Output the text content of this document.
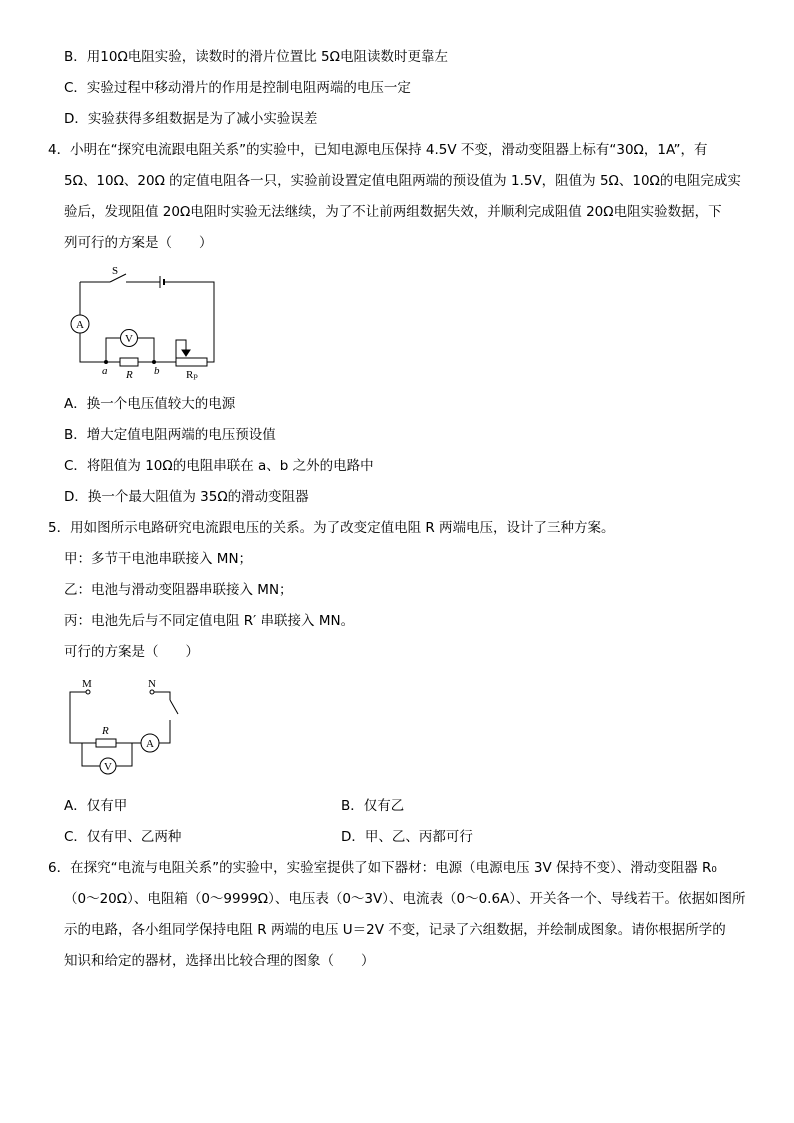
B．用10Ω电阻实验，读数时的滑片位置比 5Ω电阻读数时更靠左
C．实验过程中移动滑片的作用是控制电阻两端的电压一定
D．实验获得多组数据是为了减小实验误差
4．小明在“探究电流跟电阻关系”的实验中，已知电源电压保持 4.5V 不变，滑动变阻器上标有“30Ω，1A”，有
5Ω、10Ω、20Ω 的定值电阻各一只，实验前设置定值电阻两端的预设值为 1.5V，阻值为 5Ω、10Ω的电阻完成实
验后，发现阻值 20Ω电阻时实验无法继续，为了不让前两组数据失效，并顺利完成阻值 20Ω电阻实验数据，下
列可行的方案是（　　）
S
A
V
a R b Rₚ
A．换一个电压值较大的电源
B．增大定值电阻两端的电压预设值
C．将阻值为 10Ω的电阻串联在 a、b 之外的电路中
D．换一个最大阻值为 35Ω的滑动变阻器
5．用如图所示电路研究电流跟电压的关系。为了改变定值电阻 R 两端电压，设计了三种方案。
甲：多节干电池串联接入 MN；
乙：电池与滑动变阻器串联接入 MN；
丙：电池先后与不同定值电阻 R′ 串联接入 MN。
可行的方案是（　　）
M	N
R
A
V
A．仅有甲	B．仅有乙
C．仅有甲、乙两种	D．甲、乙、丙都可行
6．在探究“电流与电阻关系”的实验中，实验室提供了如下器材：电源（电源电压 3V 保持不变）、滑动变阻器 R₀
（0～20Ω）、电阻箱（0～9999Ω）、电压表（0～3V）、电流表（0～0.6A）、开关各一个、导线若干。依据如图所
示的电路，各小组同学保持电阻 R 两端的电压 U＝2V 不变，记录了六组数据，并绘制成图象。请你根据所学的
知识和给定的器材，选择出比较合理的图象（　　）
